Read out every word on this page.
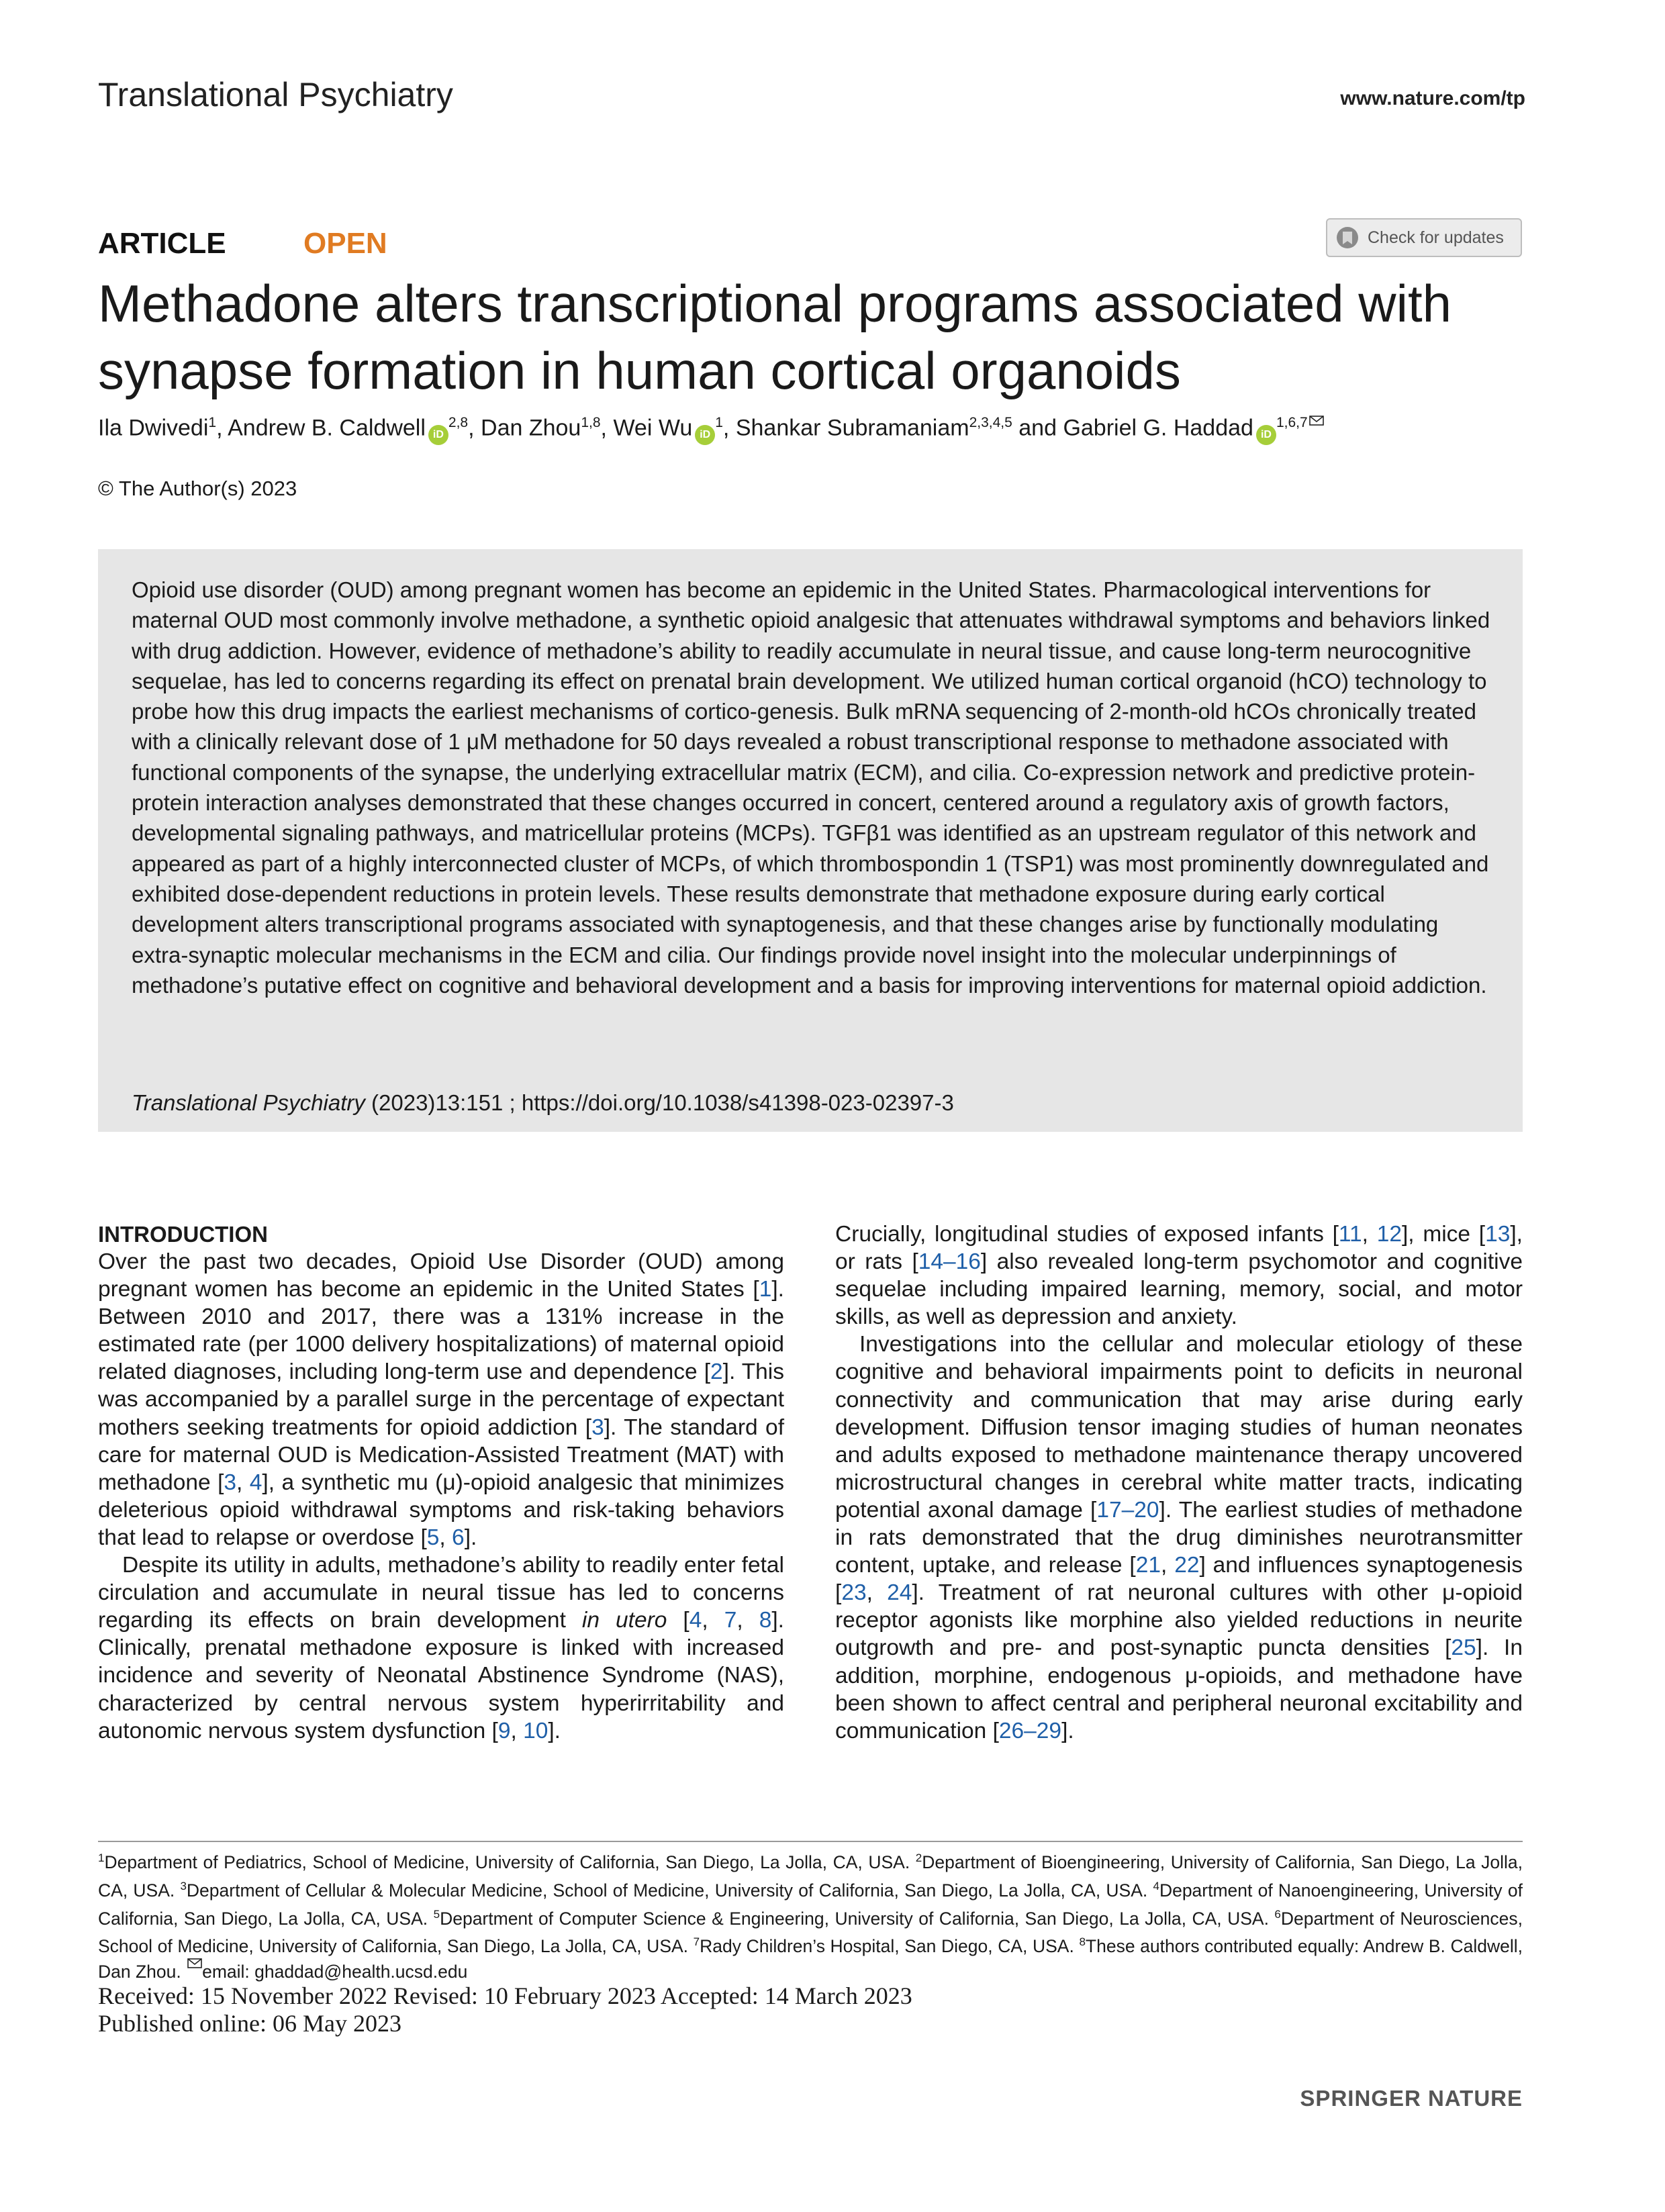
Translational Psychiatry	www.nature.com/tp
ARTICLE	OPEN	Check for updates
Methadone alters transcriptional programs associated with synapse formation in human cortical organoids
Ila Dwivedi$^1$, Andrew B. Caldwell iD$^{2,8}$, Dan Zhou$^{1,8}$, Wei Wu $iD^1$, Shankar Subramaniam$^{2,3,4,5}$ and Gabriel G. Haddad iD$^{1,6,7}$
© The Author(s) 2023

Opioid use disorder (OUD) among pregnant women has become an epidemic in the United States. Pharmacological interventions for maternal OUD most commonly involve methadone, a synthetic opioid analgesic that attenuates withdrawal symptoms and behaviors linked with drug addiction. However, evidence of methadone’s ability to readily accumulate in neural tissue, and cause long-term neurocognitive sequelae, has led to concerns regarding its effect on prenatal brain development. We utilized human cortical organoid (hCO) technology to probe how this drug impacts the earliest mechanisms of cortico-genesis. Bulk mRNA sequencing of 2-month-old hCOs chronically treated with a clinically relevant dose of 1 μM methadone for 50 days revealed a robust transcriptional response to methadone associated with functional components of the synapse, the underlying extracellular matrix (ECM), and cilia. Co-expression network and predictive protein-protein interaction analyses demonstrated that these changes occurred in concert, centered around a regulatory axis of growth factors, developmental signaling pathways, and matricellular proteins (MCPs). TGFβ1 was identified as an upstream regulator of this network and appeared as part of a highly interconnected cluster of MCPs, of which thrombospondin 1 (TSP1) was most prominently downregulated and exhibited dose-dependent reductions in protein levels. These results demonstrate that methadone exposure during early cortical development alters transcriptional programs associated with synaptogenesis, and that these changes arise by functionally modulating extra-synaptic molecular mechanisms in the ECM and cilia. Our findings provide novel insight into the molecular underpinnings of methadone’s putative effect on cognitive and behavioral development and a basis for improving interventions for maternal opioid addiction.

Translational Psychiatry (2023)13:151 ; https://doi.org/10.1038/s41398-023-02397-3

INTRODUCTION

Over the past two decades, Opioid Use Disorder (OUD) among pregnant women has become an epidemic in the United States [1]. Between 2010 and 2017, there was a 131% increase in the estimated rate (per 1000 delivery hospitalizations) of maternal opioid related diagnoses, including long-term use and dependence [2]. This was accompanied by a parallel surge in the percentage of expectant mothers seeking treatments for opioid addiction [3]. The standard of care for maternal OUD is Medication-Assisted Treatment (MAT) with methadone [3, 4], a synthetic mu (μ)-opioid analgesic that minimizes deleterious opioid withdrawal symptoms and risk-taking behaviors that lead to relapse or overdose [5, 6].

Despite its utility in adults, methadone’s ability to readily enter fetal circulation and accumulate in neural tissue has led to concerns regarding its effects on brain development in utero [4, 7, 8]. Clinically, prenatal methadone exposure is linked with increased incidence and severity of Neonatal Abstinence Syndrome (NAS), characterized by central nervous system hyperirritability and autonomic nervous system dysfunction [9, 10].

Crucially, longitudinal studies of exposed infants [11, 12], mice [13], or rats [14–16] also revealed long-term psychomotor and cognitive sequelae including impaired learning, memory, social, and motor skills, as well as depression and anxiety.

Investigations into the cellular and molecular etiology of these cognitive and behavioral impairments point to deficits in neuronal connectivity and communication that may arise during early development. Diffusion tensor imaging studies of human neonates and adults exposed to methadone maintenance therapy uncovered microstructural changes in cerebral white matter tracts, indicating potential axonal damage [17–20]. The earliest studies of methadone in rats demonstrated that the drug diminishes neurotransmitter content, uptake, and release [21, 22] and influences synaptogenesis [23, 24]. Treatment of rat neuronal cultures with other μ-opioid receptor agonists like morphine also yielded reductions in neurite outgrowth and pre- and post-synaptic puncta densities [25]. In addition, morphine, endogenous μ-opioids, and methadone have been shown to affect central and peripheral neuronal excitability and communication [26–29].

$^1$Department of Pediatrics, School of Medicine, University of California, San Diego, La Jolla, CA, USA. $^2$Department of Bioengineering, University of California, San Diego, La Jolla, CA, USA. $^3$Department of Cellular & Molecular Medicine, School of Medicine, University of California, San Diego, La Jolla, CA, USA. $^4$Department of Nanoengineering, University of California, San Diego, La Jolla, CA, USA. $^5$Department of Computer Science & Engineering, University of California, San Diego, La Jolla, CA, USA. $^6$Department of Neurosciences, School of Medicine, University of California, San Diego, La Jolla, CA, USA. $^7$Rady Children’s Hospital, San Diego, CA, USA. $^8$These authors contributed equally: Andrew B. Caldwell, Dan Zhou. email: ghaddad@health.ucsd.edu

Received: 15 November 2022 Revised: 10 February 2023 Accepted: 14 March 2023
Published online: 06 May 2023
SPRINGER NATURE
